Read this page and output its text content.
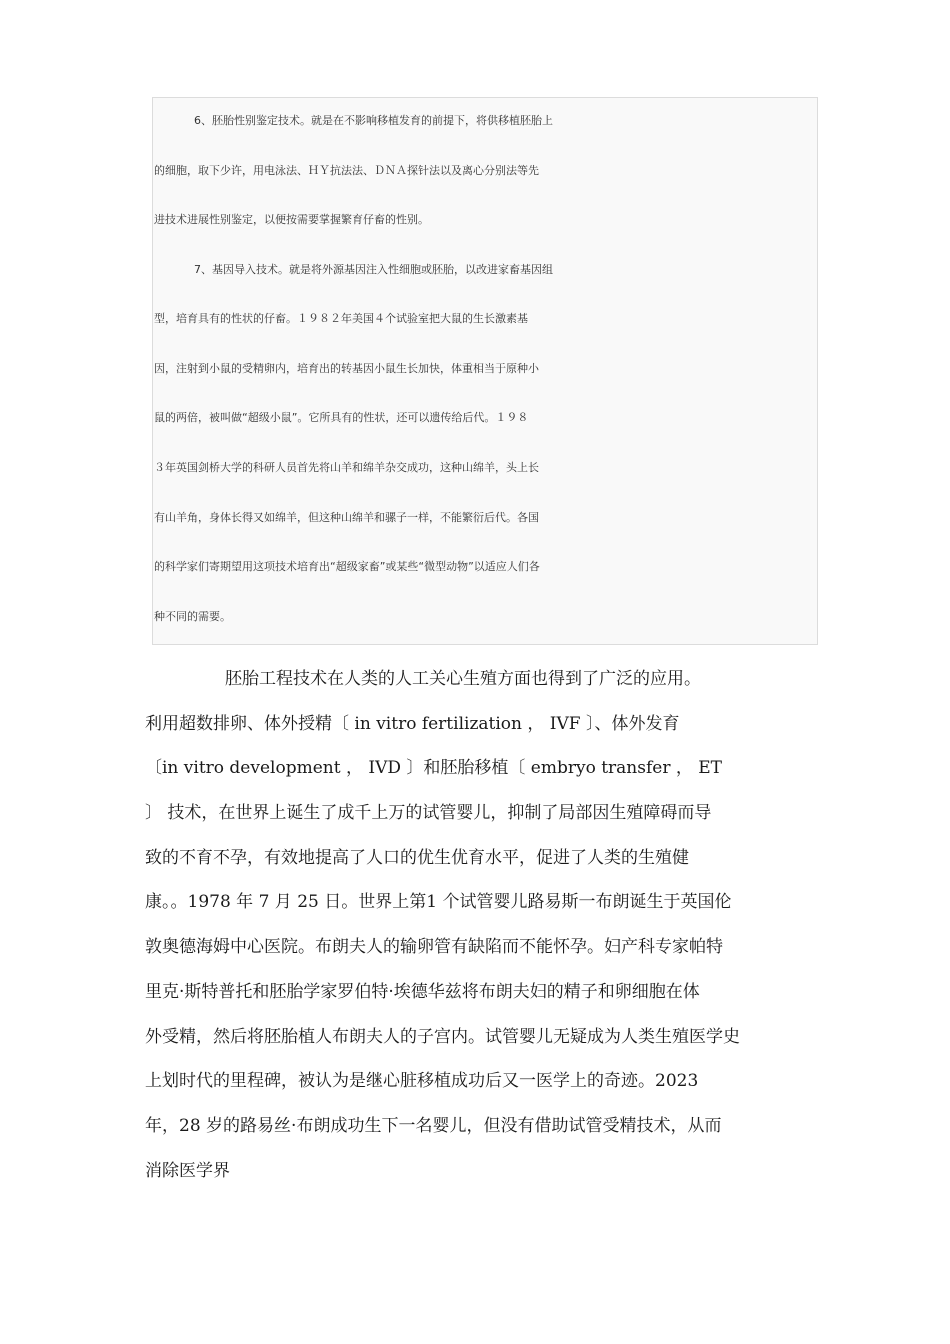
6、胚胎性别鉴定技术。就是在不影响移植发育的前提下，将供移植胚胎上

的细胞，取下少许，用电泳法、ＨＹ抗法法、ＤＮＡ探针法以及离心分别法等先

进技术进展性别鉴定，以便按需要掌握繁育仔畜的性别。

7、基因导入技术。就是将外源基因注入性细胞或胚胎，以改进家畜基因组

型，培育具有的性状的仔畜。１９８２年美国４个试验室把大鼠的生长激素基

因，注射到小鼠的受精卵内，培育出的转基因小鼠生长加快，体重相当于原种小

鼠的两倍，被叫做“超级小鼠”。它所具有的性状，还可以遗传给后代。１９８

３年英国剑桥大学的科研人员首先将山羊和绵羊杂交成功，这种山绵羊，头上长

有山羊角，身体长得又如绵羊，但这种山绵羊和骡子一样，不能繁衍后代。各国

的科学家们寄期望用这项技术培育出“超级家畜”或某些“微型动物”以适应人们各

种不同的需要。

胚胎工程技术在人类的人工关心生殖方面也得到了广泛的应用。
利用超数排卵、体外授精〔 in vitro fertilization ， IVF 〕、体外发育
〔in vitro development ， IVD 〕和胚胎移植〔 embryo transfer ， ET
〕 技术，在世界上诞生了成千上万的试管婴儿，抑制了局部因生殖障碍而导
致的不育不孕，有效地提高了人口的优生优育水平，促进了人类的生殖健
康。。1978 年 7 月 25 日。世界上第1 个试管婴儿路易斯一布朗诞生于英国伦
敦奥德海姆中心医院。布朗夫人的输卵管有缺陷而不能怀孕。妇产科专家帕特
里克·斯特普托和胚胎学家罗伯特·埃德华兹将布朗夫妇的精子和卵细胞在体
外受精，然后将胚胎植人布朗夫人的子宫内。试管婴儿无疑成为人类生殖医学史
上划时代的里程碑，被认为是继心脏移植成功后又一医学上的奇迹。2023
年，28 岁的路易丝·布朗成功生下一名婴儿，但没有借助试管受精技术，从而
消除医学界
